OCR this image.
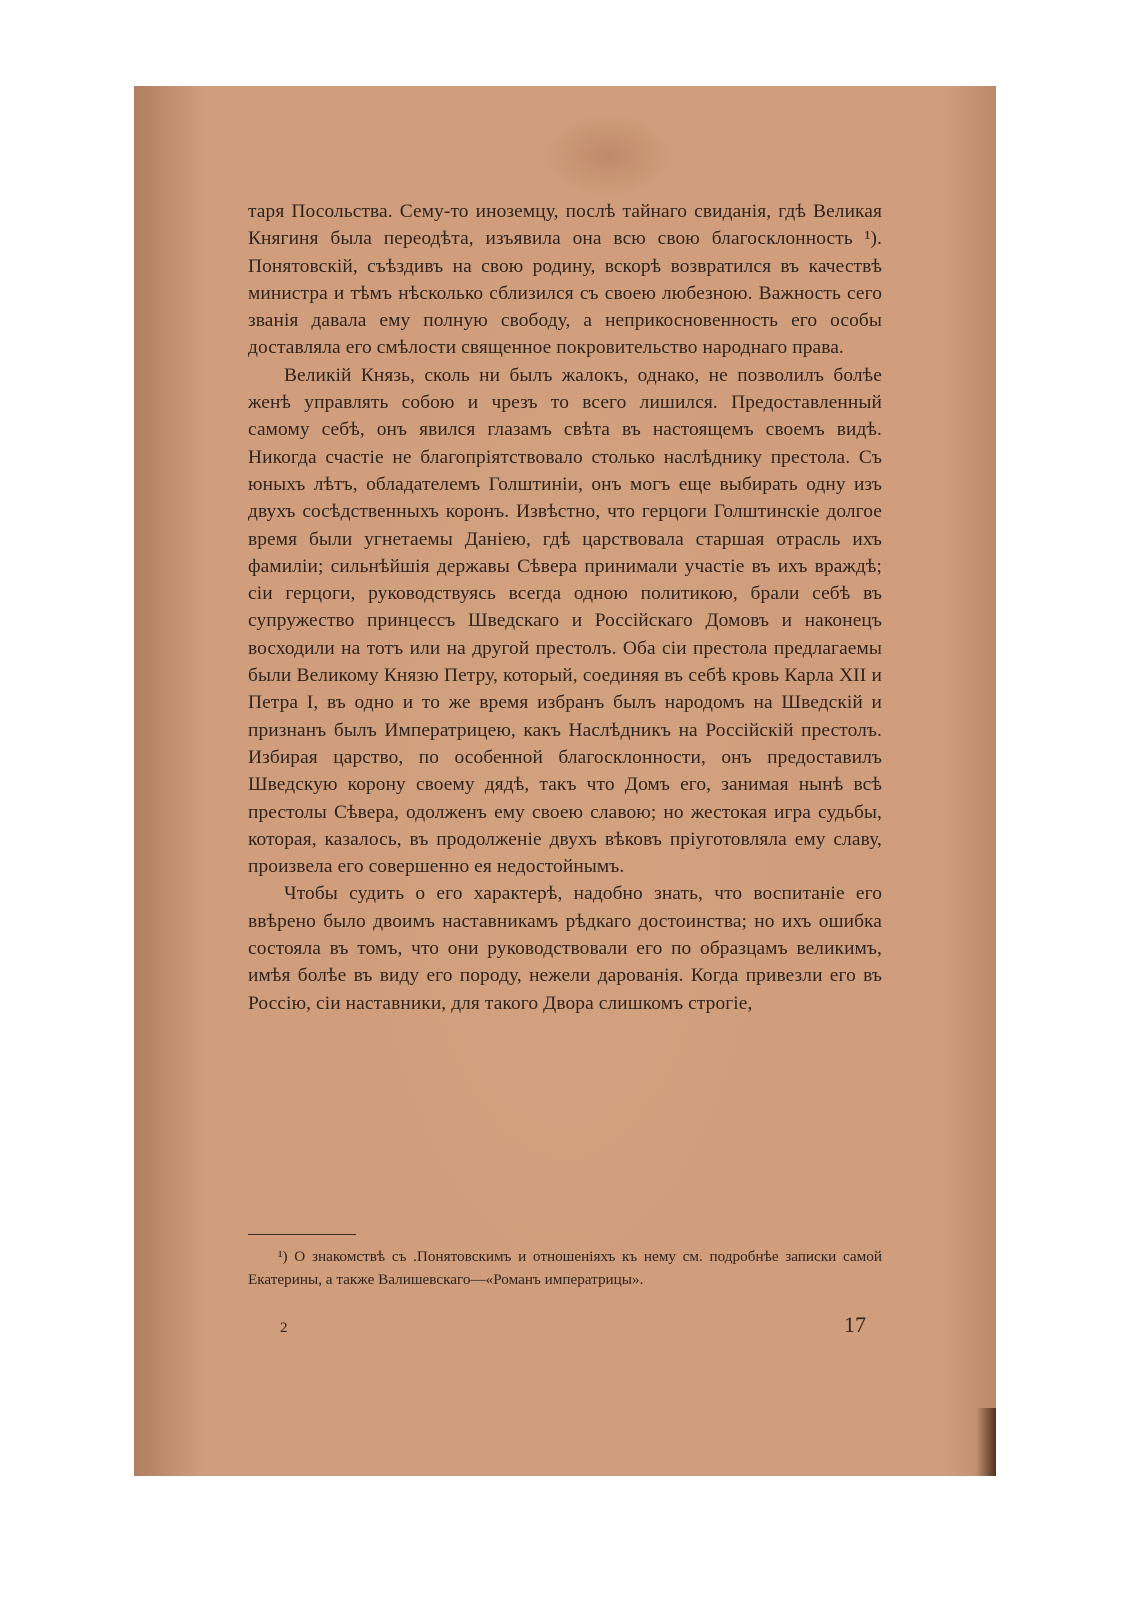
таря Посольства. Сему-то иноземцу, послѣ тайнаго свиданія, гдѣ Великая Княгиня была переодѣта, изъявила она всю свою благосклонность ¹). Понятовскій, съѣздивъ на свою родину, вскорѣ возвратился въ качествѣ министра и тѣмъ нѣсколько сблизился съ своею любезною. Важность сего званія давала ему полную свободу, а неприкосновенность его особы доставляла его смѣлости священное покровительство народнаго права.

Великій Князь, сколь ни былъ жалокъ, однако, не позволилъ болѣе женѣ управлять собою и чрезъ то всего лишился. Предоставленный самому себѣ, онъ явился глазамъ свѣта въ настоящемъ своемъ видѣ. Никогда счастіе не благопріятствовало столько наслѣднику престола. Съ юныхъ лѣтъ, обладателемъ Голштиніи, онъ могъ еще выбирать одну изъ двухъ сосѣдственныхъ коронъ. Извѣстно, что герцоги Голштинскіе долгое время были угнетаемы Даніею, гдѣ царствовала старшая отрасль ихъ фамиліи; сильнѣйшія державы Сѣвера принимали участіе въ ихъ враждѣ; сіи герцоги, руководствуясь всегда одною политикою, брали себѣ въ супружество принцессъ Шведскаго и Россійскаго Домовъ и наконецъ восходили на тотъ или на другой престолъ. Оба сіи престола предлагаемы были Великому Князю Петру, который, соединяя въ себѣ кровь Карла XII и Петра I, въ одно и то же время избранъ былъ народомъ на Шведскій и признанъ былъ Императрицею, какъ Наслѣдникъ на Россійскій престолъ. Избирая царство, по особенной благосклонности, онъ предоставилъ Шведскую корону своему дядѣ, такъ что Домъ его, занимая нынѣ всѣ престолы Сѣвера, одолженъ ему своею славою; но жестокая игра судьбы, которая, казалось, въ продолженіе двухъ вѣковъ пріуготовляла ему славу, произвела его совершенно ея недостойнымъ.

Чтобы судить о его характерѣ, надобно знать, что воспитаніе его ввѣрено было двоимъ наставникамъ рѣдкаго достоинства; но ихъ ошибка состояла въ томъ, что они руководствовали его по образцамъ великимъ, имѣя болѣе въ виду его породу, нежели дарованія. Когда привезли его въ Россію, сіи наставники, для такого Двора слишкомъ строгіе,

¹) О знакомствѣ съ .Понятовскимъ и отношеніяхъ къ нему см. подробнѣе записки самой Екатерины, а также Валишевскаго—«Романъ императрицы».

2	17
